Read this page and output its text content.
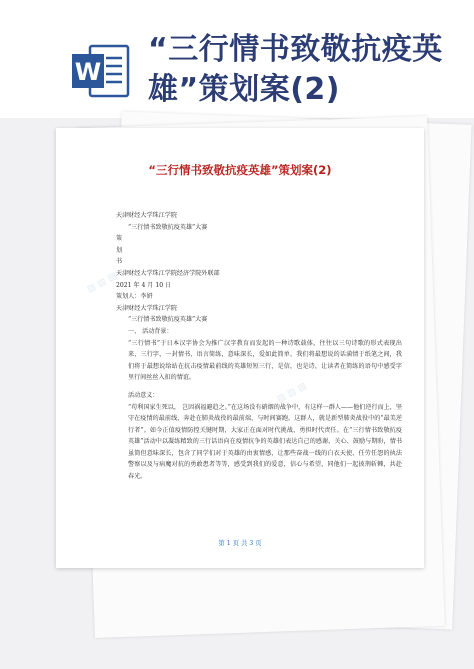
W
“三行情书致敬抗疫英雄”策划案(2)
▧ ▧ ▧
▧ ▧ ▧
“三行情书致敬抗疫英雄”策划案(2)
天津财经大学珠江学院
“三行情书致敬抗疫英雄”大赛
策
划
书
天津财经大学珠江学院经济学院外联部
2021 年 4 月 10 日
策划人：李妍
天津财经大学珠江学院
“三行情书致敬抗疫英雄”大赛
一、 活动背景：
“三行情书”于日本汉字协会为推广汉字教育而发起的一种诗歌载体，往往以三句诗歌的形式表现出来，三行字，一封情书，语言简练，意味深长，爱如此简单，我们将最想说的话満情于纸笔之间，我们将于最想说给站在抗击疫情最前线的英雄短短三行，是信，也是诗，让读者在简练的语句中感受字里行间丝丝入扣的情谊。
活动意义：
“苟利国家生死以， 岂因祸福避趋之。”在这场没有硝烟的战争中，有这样一群人——他们逆行而上，坚守在疫情的最前线，奔赴在肺炎战役的最前端，与时间赛跑。这群人，就是新型肺炎战役中的“最美逆行者”。如今正值疫情防控关键时期，大家正在面对时代挑战，勇担时代责任。在“三行情书致敬抗疫英雄”活动中以凝练精致的三行话语向在疫情抗争的英雄们表达自己的感谢、关心、鼓励与期盼，情书虽简但意味深长，包含了同学们对于英雄的由衷情感，让那些奋战一线的白衣天使、任劳任怨的执法警察以及与病魔对抗的勇敢患者等等，感受到我们的爱意，信心与希望，同他们一起披荆斩棘，共赴春光。
第 1 页 共 3 页
